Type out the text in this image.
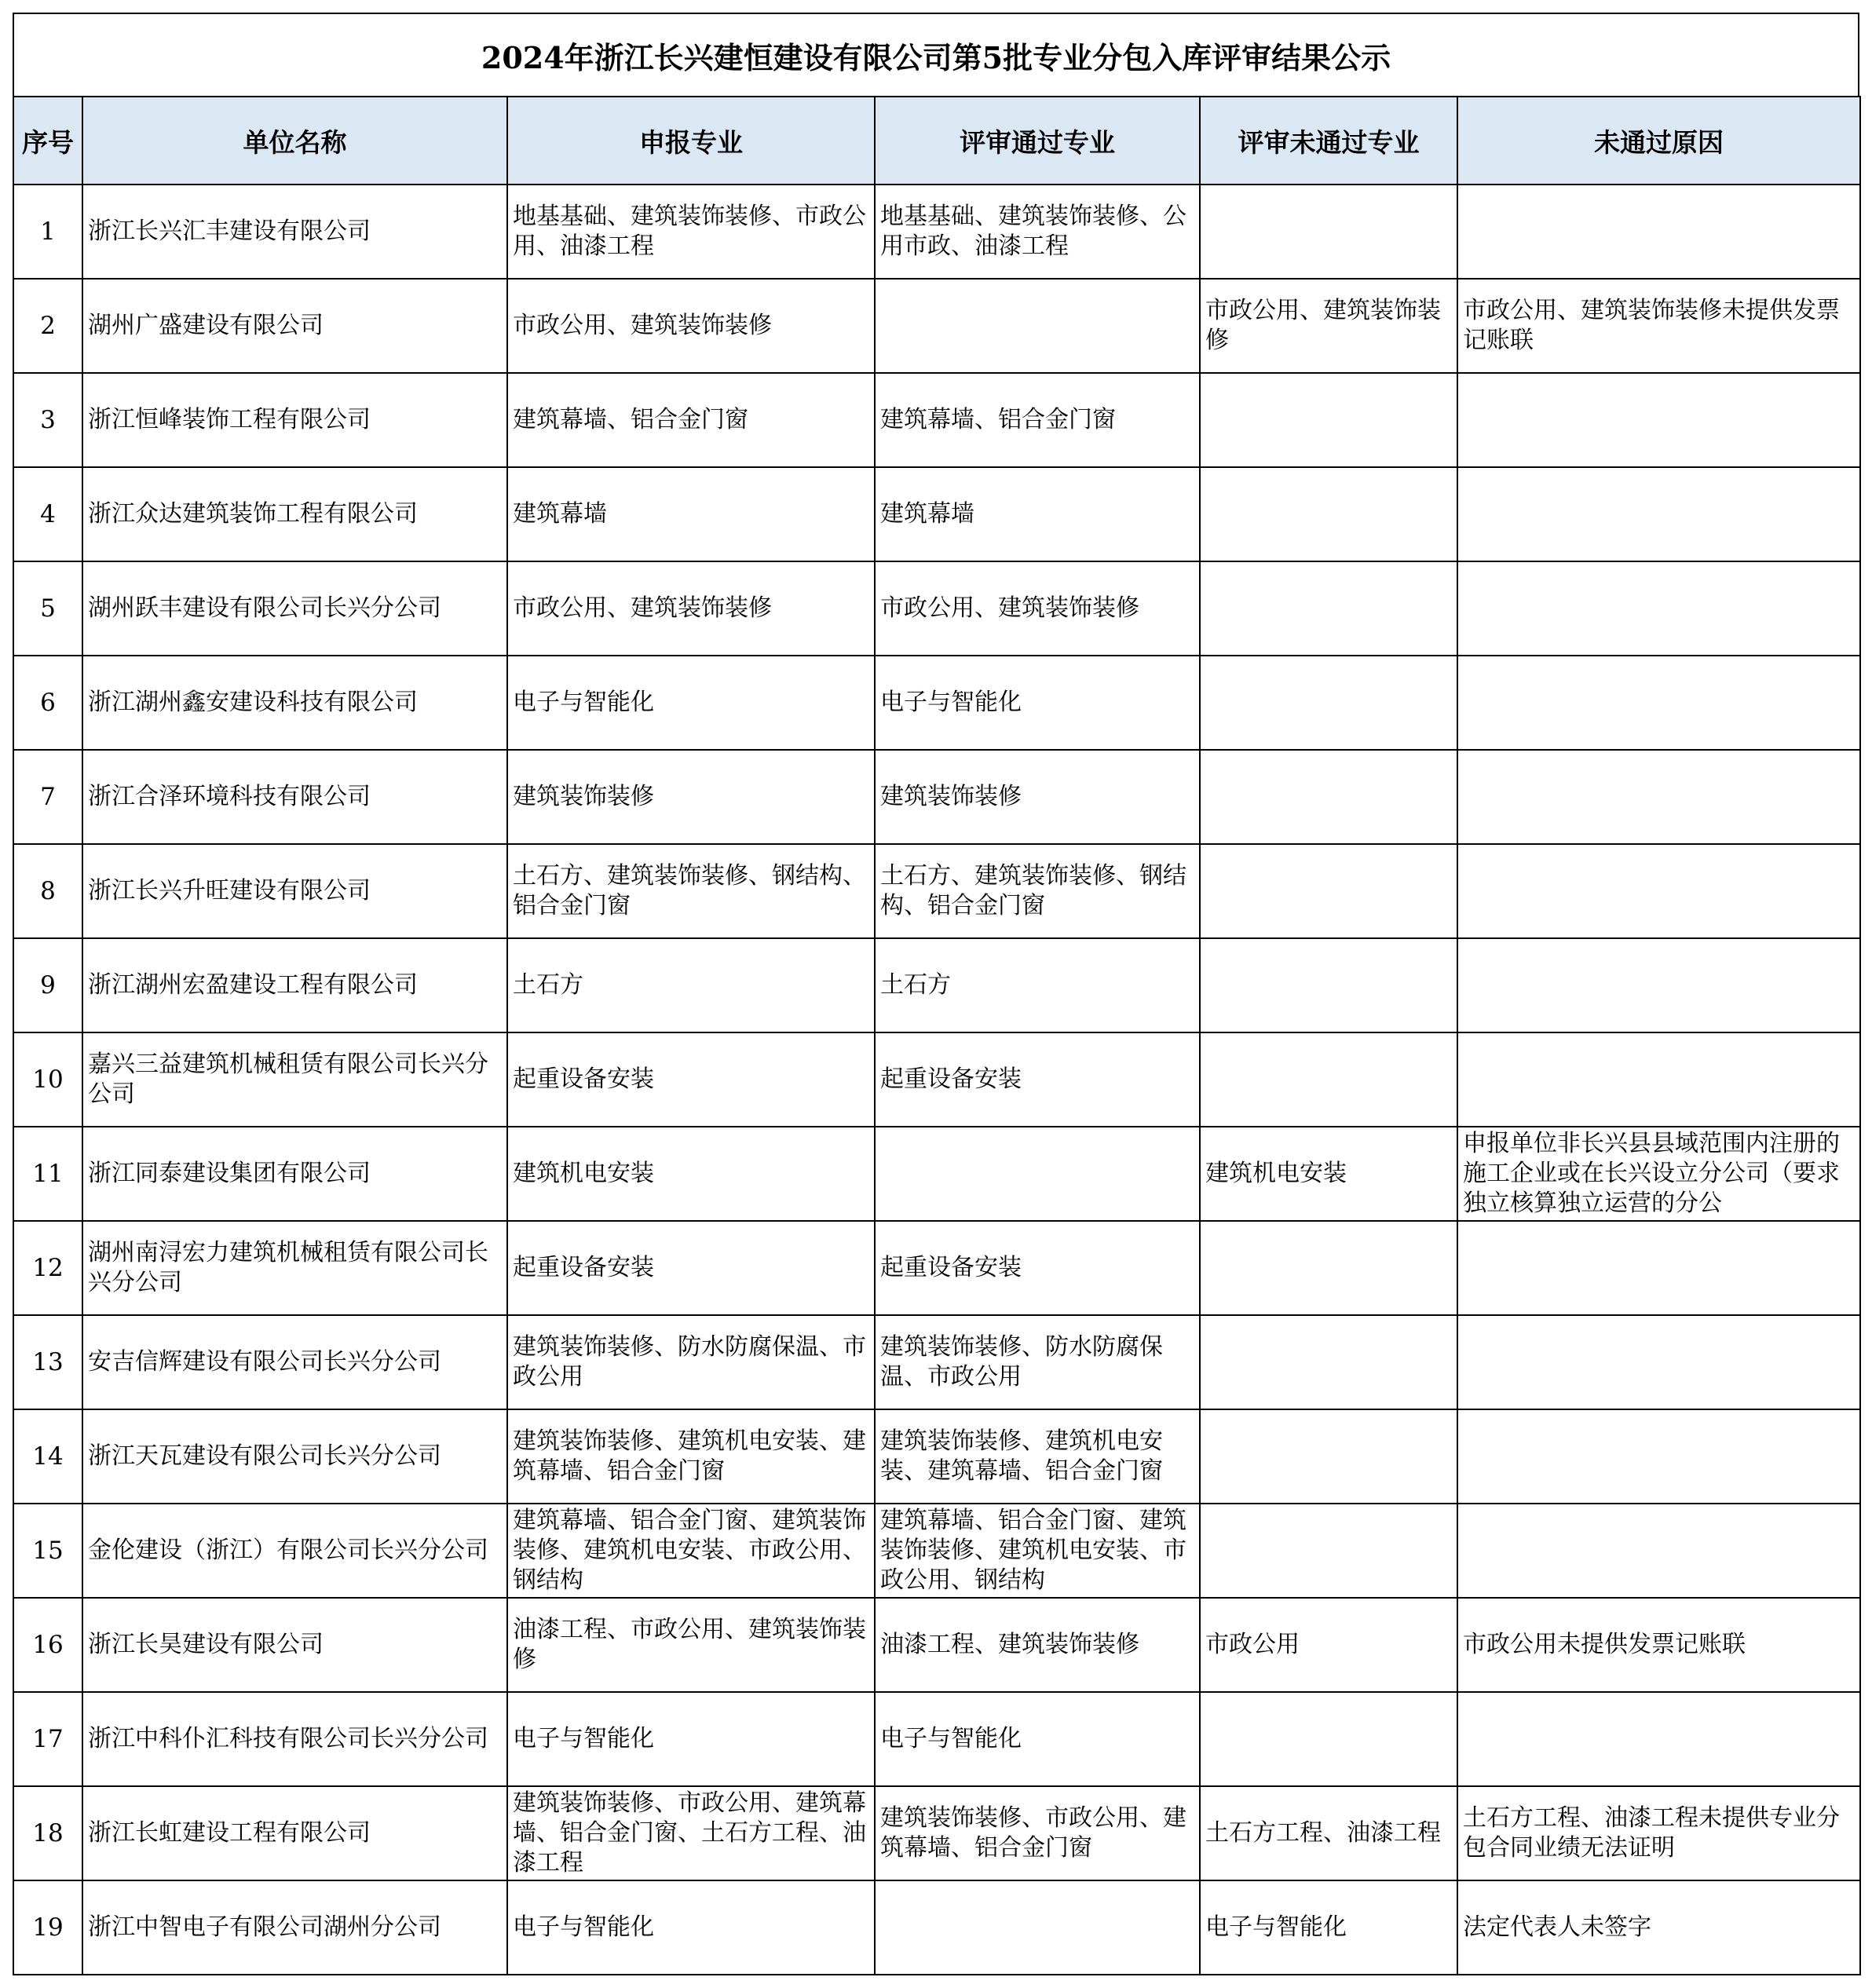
2024年浙江长兴建恒建设有限公司第5批专业分包入库评审结果公示
序号	单位名称	申报专业	评审通过专业	评审未通过专业	未通过原因

1	浙江长兴汇丰建设有限公司	地基基础、建筑装饰装修、市政公用、油漆工程	地基基础、建筑装饰装修、公用市政、油漆工程		

2	湖州广盛建设有限公司	市政公用、建筑装饰装修		市政公用、建筑装饰装修	市政公用、建筑装饰装修未提供发票记账联

3	浙江恒峰装饰工程有限公司	建筑幕墙、铝合金门窗	建筑幕墙、铝合金门窗		

4	浙江众达建筑装饰工程有限公司	建筑幕墙	建筑幕墙		

5	湖州跃丰建设有限公司长兴分公司	市政公用、建筑装饰装修	市政公用、建筑装饰装修		

6	浙江湖州鑫安建设科技有限公司	电子与智能化	电子与智能化		

7	浙江合泽环境科技有限公司	建筑装饰装修	建筑装饰装修		

8	浙江长兴升旺建设有限公司	土石方、建筑装饰装修、钢结构、铝合金门窗	土石方、建筑装饰装修、钢结构、铝合金门窗		

9	浙江湖州宏盈建设工程有限公司	土石方	土石方		

10	嘉兴三益建筑机械租赁有限公司长兴分公司	起重设备安装	起重设备安装		

11	浙江同泰建设集团有限公司	建筑机电安装		建筑机电安装	申报单位非长兴县县域范围内注册的施工企业或在长兴设立分公司（要求独立核算独立运营的分公

12	湖州南浔宏力建筑机械租赁有限公司长兴分公司	起重设备安装	起重设备安装		

13	安吉信辉建设有限公司长兴分公司	建筑装饰装修、防水防腐保温、市政公用	建筑装饰装修、防水防腐保温、市政公用		

14	浙江天瓦建设有限公司长兴分公司	建筑装饰装修、建筑机电安装、建筑幕墙、铝合金门窗	建筑装饰装修、建筑机电安装、建筑幕墙、铝合金门窗		

15	金伦建设（浙江）有限公司长兴分公司	建筑幕墙、铝合金门窗、建筑装饰装修、建筑机电安装、市政公用、钢结构	建筑幕墙、铝合金门窗、建筑装饰装修、建筑机电安装、市政公用、钢结构		

16	浙江长昊建设有限公司	油漆工程、市政公用、建筑装饰装修	油漆工程、建筑装饰装修	市政公用	市政公用未提供发票记账联

17	浙江中科仆汇科技有限公司长兴分公司	电子与智能化	电子与智能化		

18	浙江长虹建设工程有限公司	建筑装饰装修、市政公用、建筑幕墙、铝合金门窗、土石方工程、油漆工程	建筑装饰装修、市政公用、建筑幕墙、铝合金门窗	土石方工程、油漆工程	土石方工程、油漆工程未提供专业分包合同业绩无法证明

19	浙江中智电子有限公司湖州分公司	电子与智能化		电子与智能化	法定代表人未签字
